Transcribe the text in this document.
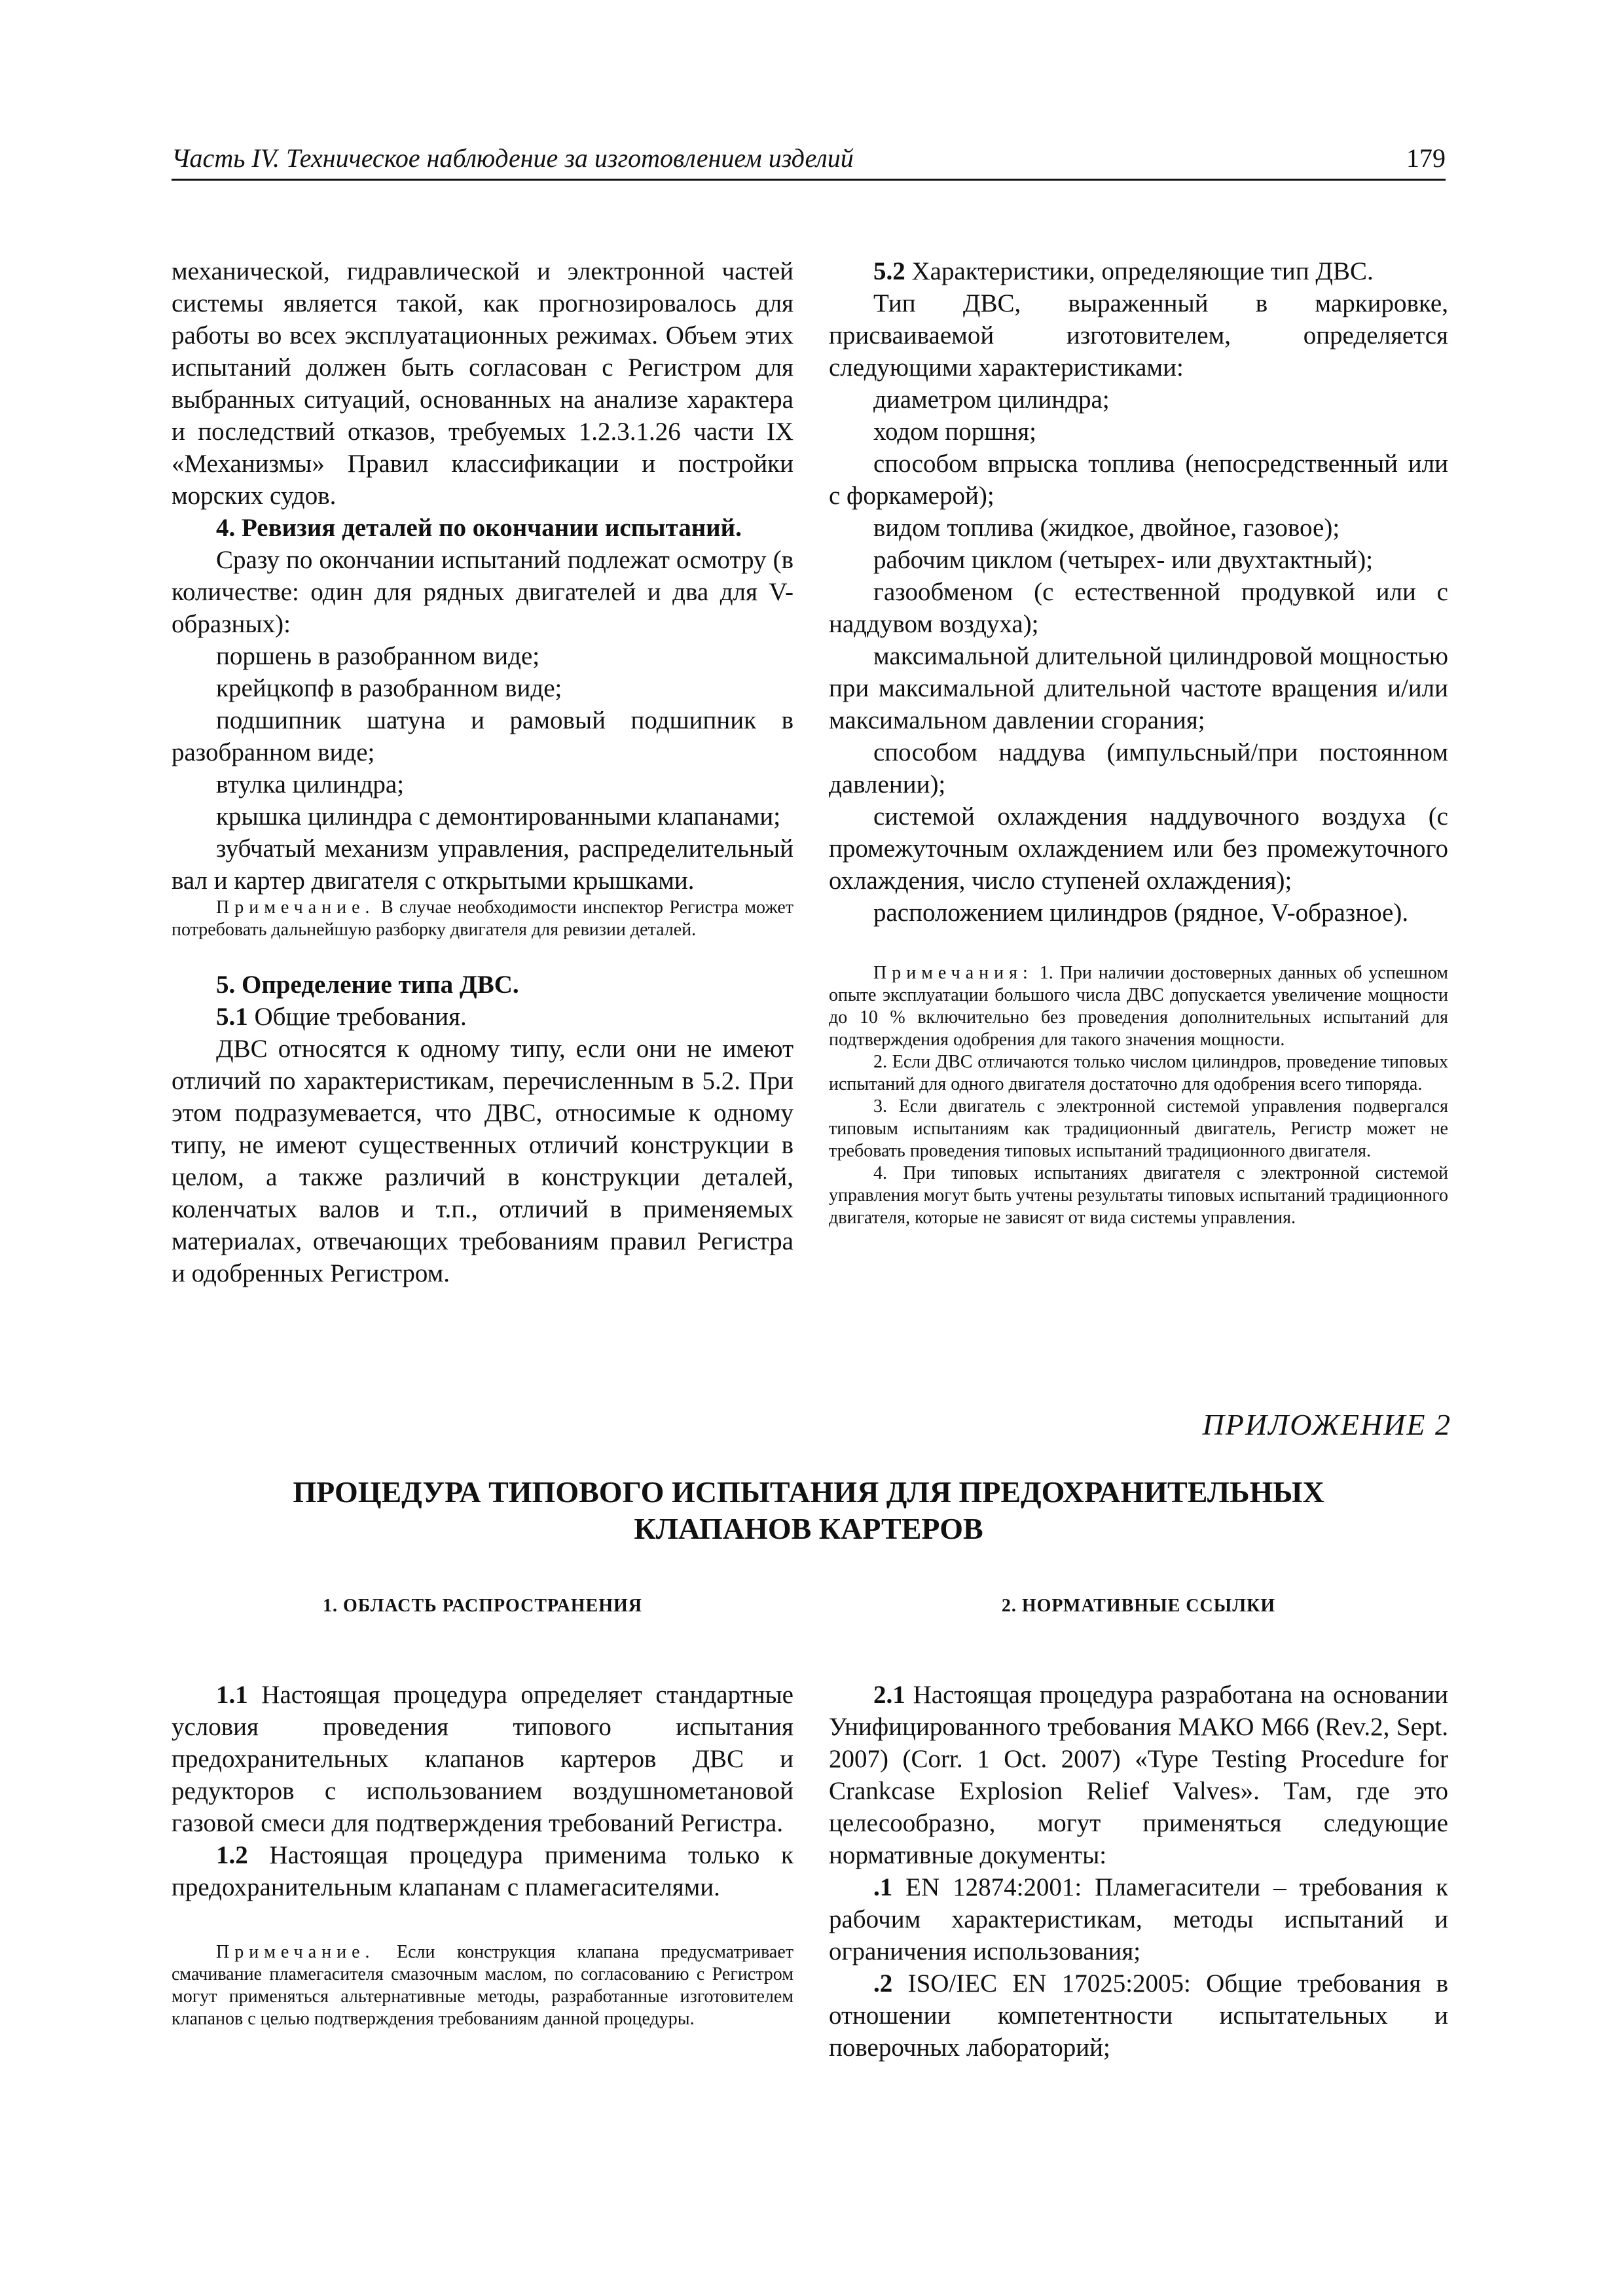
Часть IV. Техническое наблюдение за изготовлением изделий	179

механической, гидравлической и электронной частей системы является такой, как прогнозировалось для работы во всех эксплуатационных режимах. Объем этих испытаний должен быть согласован с Регистром для выбранных ситуаций, основанных на анализе характера и последствий отказов, требуемых 1.2.3.1.26 части IX «Механизмы» Правил классификации и постройки морских судов.

4. Ревизия деталей по окончании испытаний.

Сразу по окончании испытаний подлежат осмотру (в количестве: один для рядных двигателей и два для V-образных):

поршень в разобранном виде;

крейцкопф в разобранном виде;

подшипник шатуна и рамовый подшипник в разобранном виде;

втулка цилиндра;

крышка цилиндра с демонтированными клапанами;

зубчатый механизм управления, распределительный вал и картер двигателя с открытыми крышками.

Примечание. В случае необходимости инспектор Регистра может потребовать дальнейшую разборку двигателя для ревизии деталей.

5. Определение типа ДВС.

5.1 Общие требования.

ДВС относятся к одному типу, если они не имеют отличий по характеристикам, перечисленным в 5.2. При этом подразумевается, что ДВС, относимые к одному типу, не имеют существенных отличий конструкции в целом, а также различий в конструкции деталей, коленчатых валов и т.п., отличий в применяемых материалах, отвечающих требованиям правил Регистра и одобренных Регистром.

5.2 Характеристики, определяющие тип ДВС.

Тип ДВС, выраженный в маркировке, присваиваемой изготовителем, определяется следующими характеристиками:

диаметром цилиндра;

ходом поршня;

способом впрыска топлива (непосредственный или с форкамерой);

видом топлива (жидкое, двойное, газовое);

рабочим циклом (четырех- или двухтактный);

газообменом (с естественной продувкой или с наддувом воздуха);

максимальной длительной цилиндровой мощностью при максимальной длительной частоте вращения и/или максимальном давлении сгорания;

способом наддува (импульсный/при постоянном давлении);

системой охлаждения наддувочного воздуха (с промежуточным охлаждением или без промежуточного охлаждения, число ступеней охлаждения);

расположением цилиндров (рядное, V-образное).

Примечания: 1. При наличии достоверных данных об успешном опыте эксплуатации большого числа ДВС допускается увеличение мощности до 10 % включительно без проведения дополнительных испытаний для подтверждения одобрения для такого значения мощности.

2. Если ДВС отличаются только числом цилиндров, проведение типовых испытаний для одного двигателя достаточно для одобрения всего типоряда.

3. Если двигатель с электронной системой управления подвергался типовым испытаниям как традиционный двигатель, Регистр может не требовать проведения типовых испытаний традиционного двигателя.

4. При типовых испытаниях двигателя с электронной системой управления могут быть учтены результаты типовых испытаний традиционного двигателя, которые не зависят от вида системы управления.

ПРИЛОЖЕНИЕ 2
ПРОЦЕДУРА ТИПОВОГО ИСПЫТАНИЯ ДЛЯ ПРЕДОХРАНИТЕЛЬНЫХ
КЛАПАНОВ КАРТЕРОВ
1. ОБЛАСТЬ РАСПРОСТРАНЕНИЯ	2. НОРМАТИВНЫЕ ССЫЛКИ

1.1 Настоящая процедура определяет стандартные условия проведения типового испытания предохранительных клапанов картеров ДВС и редукторов с использованием воздушнометановой газовой смеси для подтверждения требований Регистра.

1.2 Настоящая процедура применима только к предохранительным клапанам с пламегасителями.

Примечание. Если конструкция клапана предусматривает смачивание пламегасителя смазочным маслом, по согласованию с Регистром могут применяться альтернативные методы, разработанные изготовителем клапанов с целью подтверждения требованиям данной процедуры.

2.1 Настоящая процедура разработана на основании Унифицированного требования МАКО М66 (Rev.2, Sept. 2007) (Corr. 1 Oct. 2007) «Type Testing Procedure for Crankcase Explosion Relief Valves». Там, где это целесообразно, могут применяться следующие нормативные документы:

.1 EN 12874:2001: Пламегасители – требования к рабочим характеристикам, методы испытаний и ограничения использования;

.2 ISO/IEC EN 17025:2005: Общие требования в отношении компетентности испытательных и поверочных лабораторий;
